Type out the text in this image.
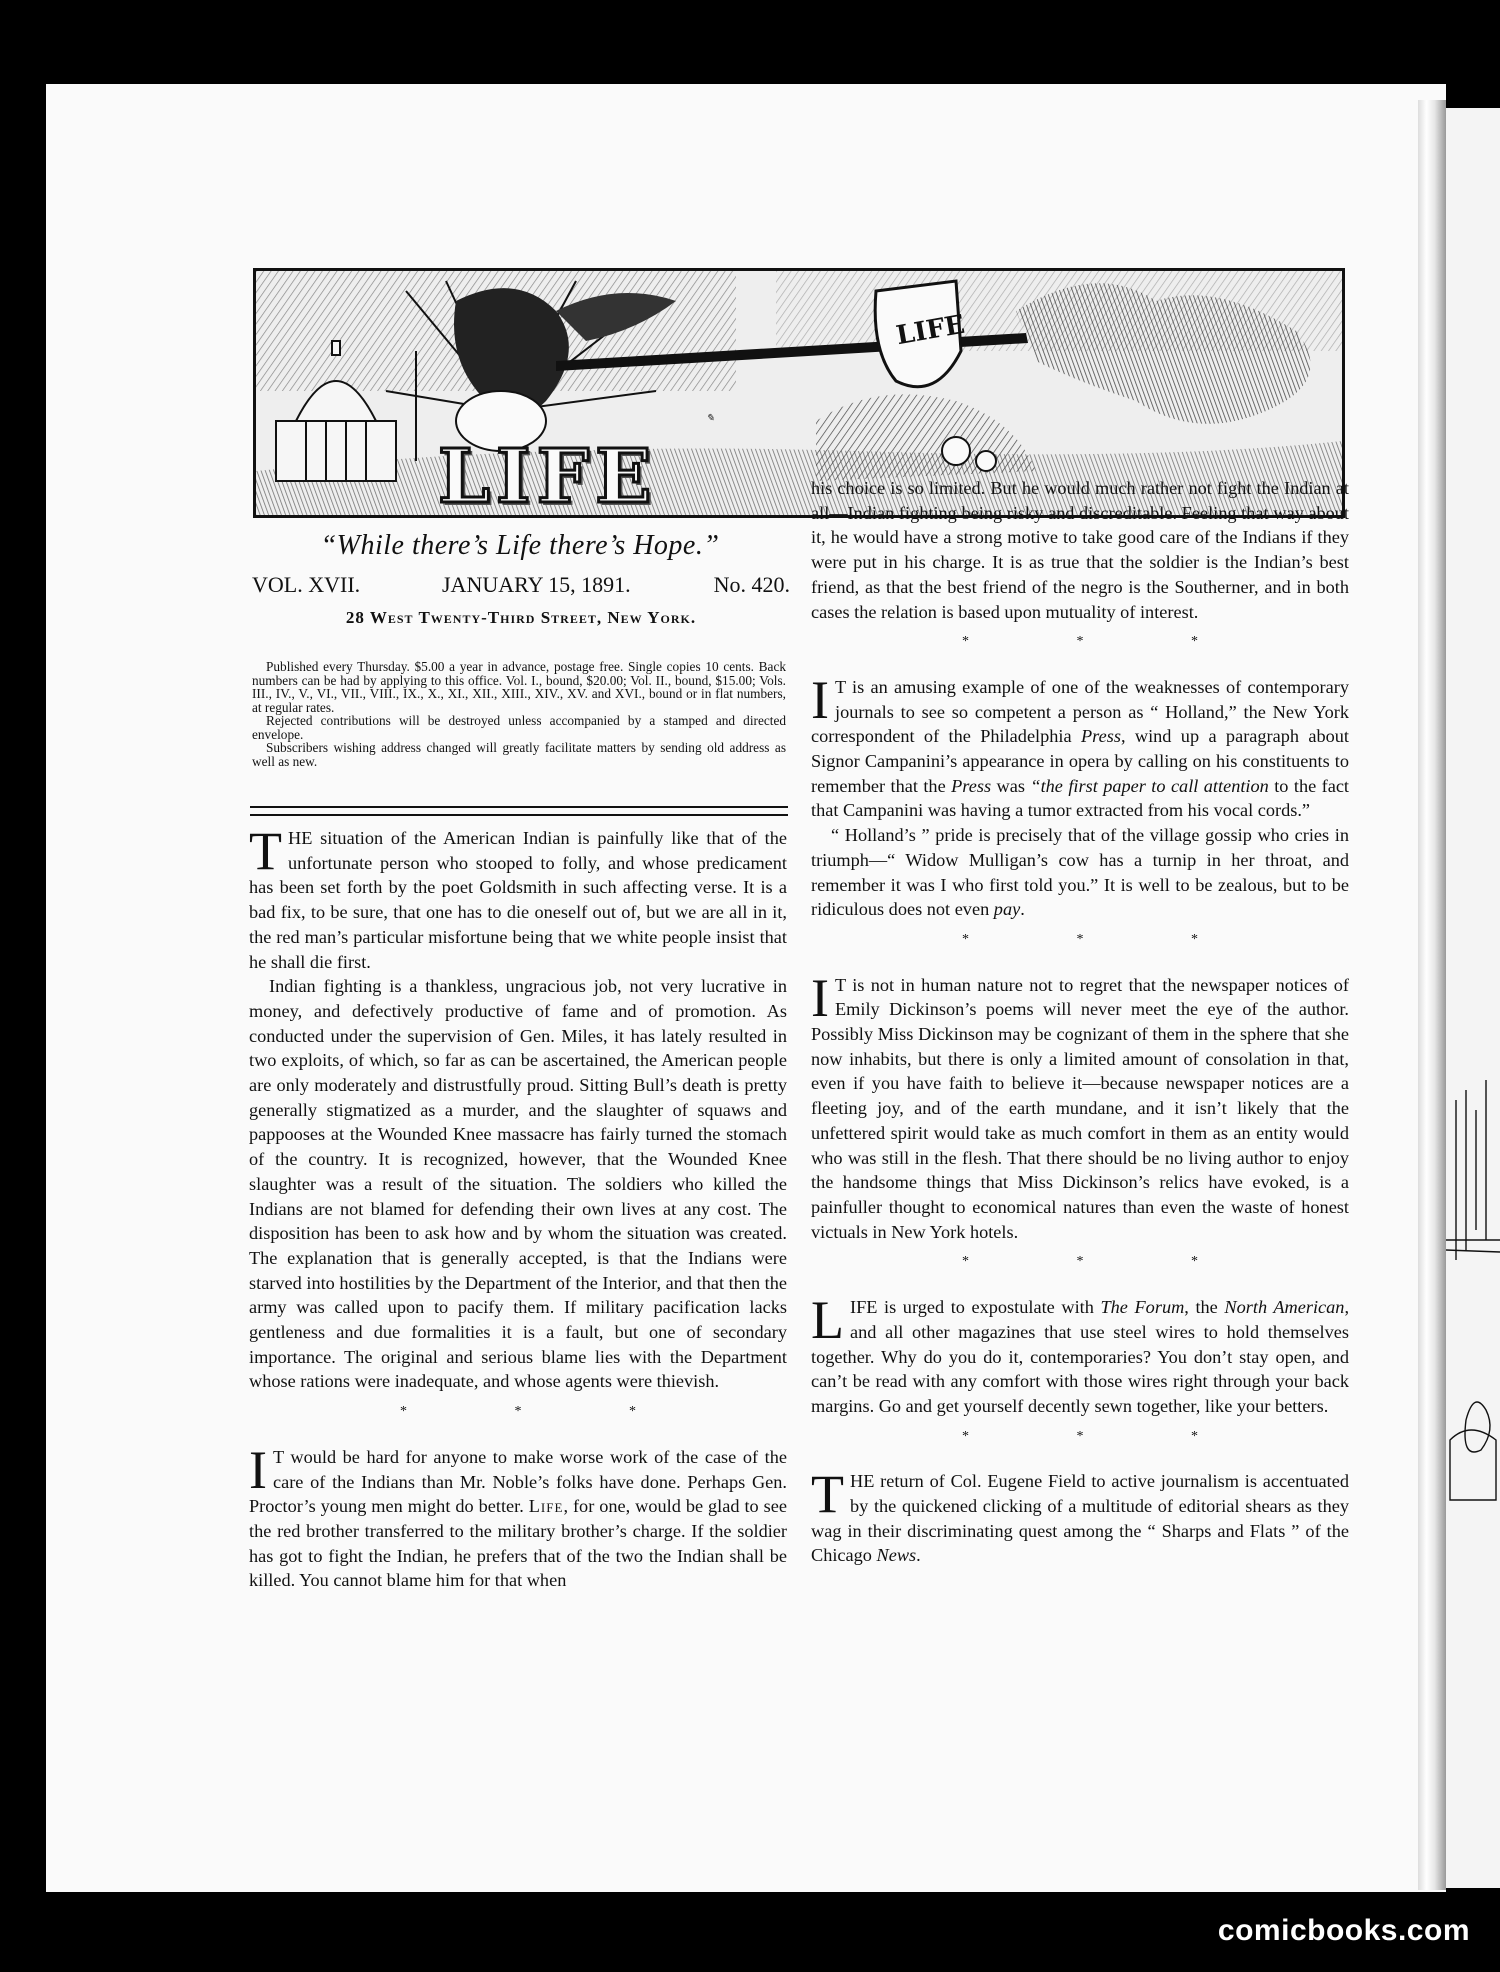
LIFE
✎
LIFE
“While there’s Life there’s Hope.”
VOL. XVII.	JANUARY 15, 1891.	No. 420.
28 West Twenty-Third Street, New York.

Published every Thursday. $5.00 a year in advance, postage free. Single copies 10 cents. Back numbers can be had by applying to this office. Vol. I., bound, $20.00; Vol. II., bound, $15.00; Vols. III., IV., V., VI., VII., VIII., IX., X., XI., XII., XIII., XIV., XV. and XVI., bound or in flat numbers, at regular rates.

Rejected contributions will be destroyed unless accompanied by a stamped and directed envelope.

Subscribers wishing address changed will greatly facilitate matters by sending old address as well as new.

THE situation of the American Indian is painfully like that of the unfortunate person who stooped to folly, and whose predicament has been set forth by the poet Goldsmith in such affecting verse. It is a bad fix, to be sure, that one has to die oneself out of, but we are all in it, the red man’s particular misfortune being that we white people insist that he shall die first.

Indian fighting is a thankless, ungracious job, not very lucrative in money, and defectively productive of fame and of promotion. As conducted under the supervision of Gen. Miles, it has lately resulted in two exploits, of which, so far as can be ascertained, the American people are only moderately and distrustfully proud. Sitting Bull’s death is pretty generally stigmatized as a murder, and the slaughter of squaws and pappooses at the Wounded Knee massacre has fairly turned the stomach of the country. It is recognized, however, that the Wounded Knee slaughter was a result of the situation. The soldiers who killed the Indians are not blamed for defending their own lives at any cost. The disposition has been to ask how and by whom the situation was created. The explanation that is generally accepted, is that the Indians were starved into hostilities by the Department of the Interior, and that then the army was called upon to pacify them. If military pacification lacks gentleness and due formalities it is a fault, but one of secondary importance. The original and serious blame lies with the Department whose rations were inadequate, and whose agents were thievish.

* * *

I T would be hard for anyone to make worse work of the case of the care of the Indians than Mr. Noble’s folks have done. Perhaps Gen. Proctor’s young men might do better. Life, for one, would be glad to see the red brother transferred to the military brother’s charge. If the soldier has got to fight the Indian, he prefers that of the two the Indian shall be killed. You cannot blame him for that when

his choice is so limited. But he would much rather not fight the Indian at all—Indian fighting being risky and discreditable. Feeling that way about it, he would have a strong motive to take good care of the Indians if they were put in his charge. It is as true that the soldier is the Indian’s best friend, as that the best friend of the negro is the Southerner, and in both cases the relation is based upon mutuality of interest.

* * *

I T is an amusing example of one of the weaknesses of contemporary journals to see so competent a person as “ Holland,” the New York correspondent of the Philadelphia Press, wind up a paragraph about Signor Campanini’s appearance in opera by calling on his constituents to remember that the Press was “the first paper to call attention to the fact that Campanini was having a tumor extracted from his vocal cords.”

“ Holland’s ” pride is precisely that of the village gossip who cries in triumph—“ Widow Mulligan’s cow has a turnip in her throat, and remember it was I who first told you.” It is well to be zealous, but to be ridiculous does not even pay.

* * *

I T is not in human nature not to regret that the newspaper notices of Emily Dickinson’s poems will never meet the eye of the author. Possibly Miss Dickinson may be cognizant of them in the sphere that she now inhabits, but there is only a limited amount of consolation in that, even if you have faith to believe it—because newspaper notices are a fleeting joy, and of the earth mundane, and it isn’t likely that the unfettered spirit would take as much comfort in them as an entity would who was still in the flesh. That there should be no living author to enjoy the handsome things that Miss Dickinson’s relics have evoked, is a painfuller thought to economical natures than even the waste of honest victuals in New York hotels.

* * *

LIFE is urged to expostulate with The Forum, the North American, and all other magazines that use steel wires to hold themselves together. Why do you do it, contemporaries? You don’t stay open, and can’t be read with any comfort with those wires right through your back margins. Go and get yourself decently sewn together, like your betters.

* * *

THE return of Col. Eugene Field to active journalism is accentuated by the quickened clicking of a multitude of editorial shears as they wag in their discriminating quest among the “ Sharps and Flats ” of the Chicago News.

comicbooks.com
